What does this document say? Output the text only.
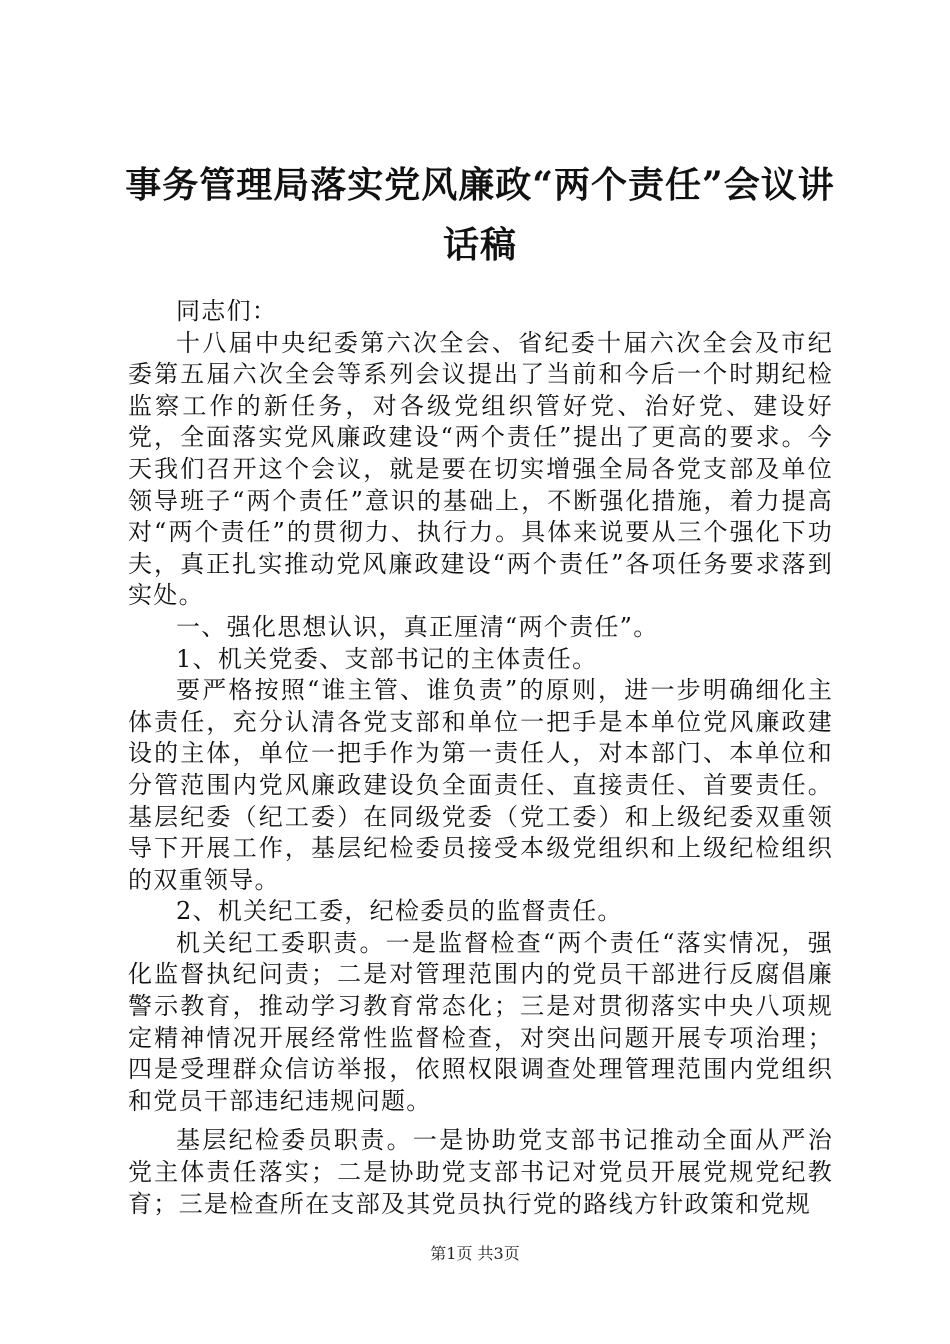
事务管理局落实党风廉政“两个责任”会议讲
话稿

同志们：

十八届中央纪委第六次全会、省纪委十届六次全会及市纪委第五届六次全会等系列会议提出了当前和今后一个时期纪检监察工作的新任务，对各级党组织管好党、治好党、建设好党，全面落实党风廉政建设“两个责任”提出了更高的要求。今天我们召开这个会议，就是要在切实增强全局各党支部及单位领导班子“两个责任”意识的基础上，不断强化措施，着力提高对“两个责任”的贯彻力、执行力。具体来说要从三个强化下功夫，真正扎实推动党风廉政建设“两个责任”各项任务要求落到实处。

一、强化思想认识，真正厘清“两个责任”。

1、机关党委、支部书记的主体责任。

要严格按照“谁主管、谁负责”的原则，进一步明确细化主体责任，充分认清各党支部和单位一把手是本单位党风廉政建设的主体，单位一把手作为第一责任人，对本部门、本单位和分管范围内党风廉政建设负全面责任、直接责任、首要责任。基层纪委（纪工委）在同级党委（党工委）和上级纪委双重领导下开展工作，基层纪检委员接受本级党组织和上级纪检组织的双重领导。

2、机关纪工委，纪检委员的监督责任。

机关纪工委职责。一是监督检查“两个责任“落实情况，强化监督执纪问责；二是对管理范围内的党员干部进行反腐倡廉警示教育，推动学习教育常态化；三是对贯彻落实中央八项规定精神情况开展经常性监督检查，对突出问题开展专项治理；四是受理群众信访举报，依照权限调查处理管理范围内党组织和党员干部违纪违规问题。

基层纪检委员职责。一是协助党支部书记推动全面从严治党主体责任落实；二是协助党支部书记对党员开展党规党纪教育；三是检查所在支部及其党员执行党的路线方针政策和党规

第1页 共3页
